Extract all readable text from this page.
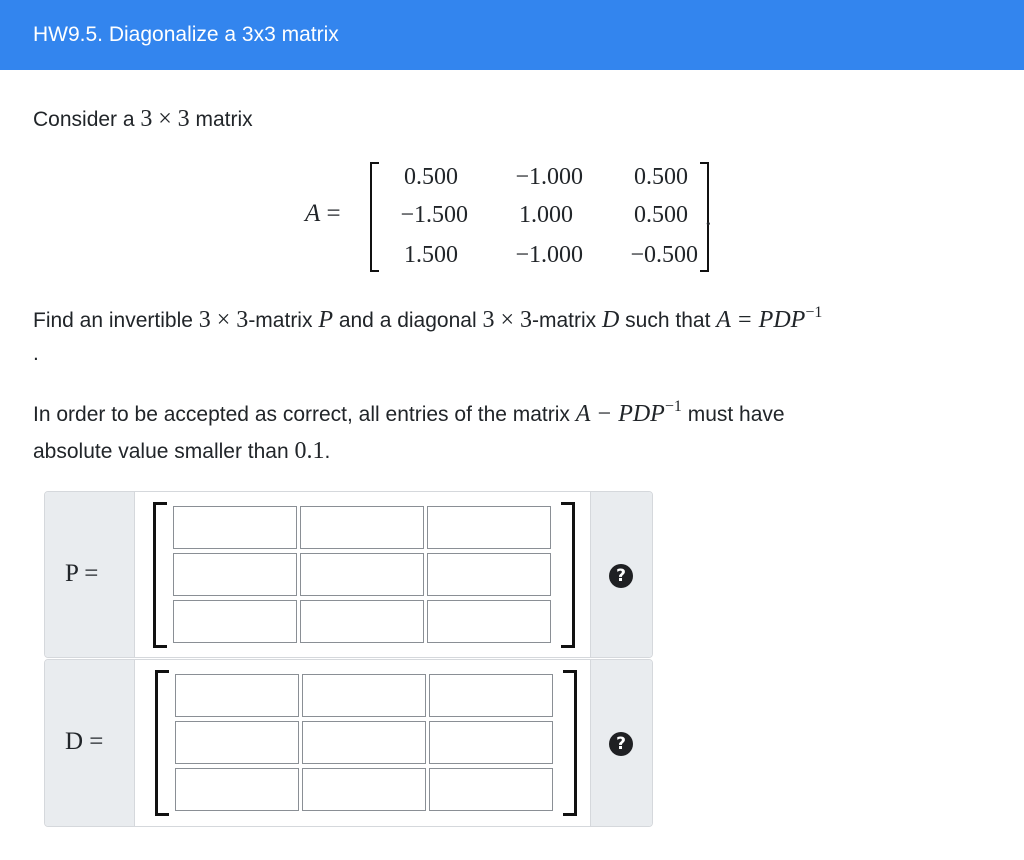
HW9.5. Diagonalize a 3x3 matrix
Consider a 3 × 3 matrix
A =
0.500	−1.000	0.500
−1.500	1.000	0.500
1.500	−1.000	−0.500
.
Find an invertible 3 × 3-matrix P and a diagonal 3 × 3-matrix D such that $A = PDP^{-1}$
.
In order to be accepted as correct, all entries of the matrix $A - PDP^{-1}$ must have
absolute value smaller than 0.1.
P =	?
D =	?
